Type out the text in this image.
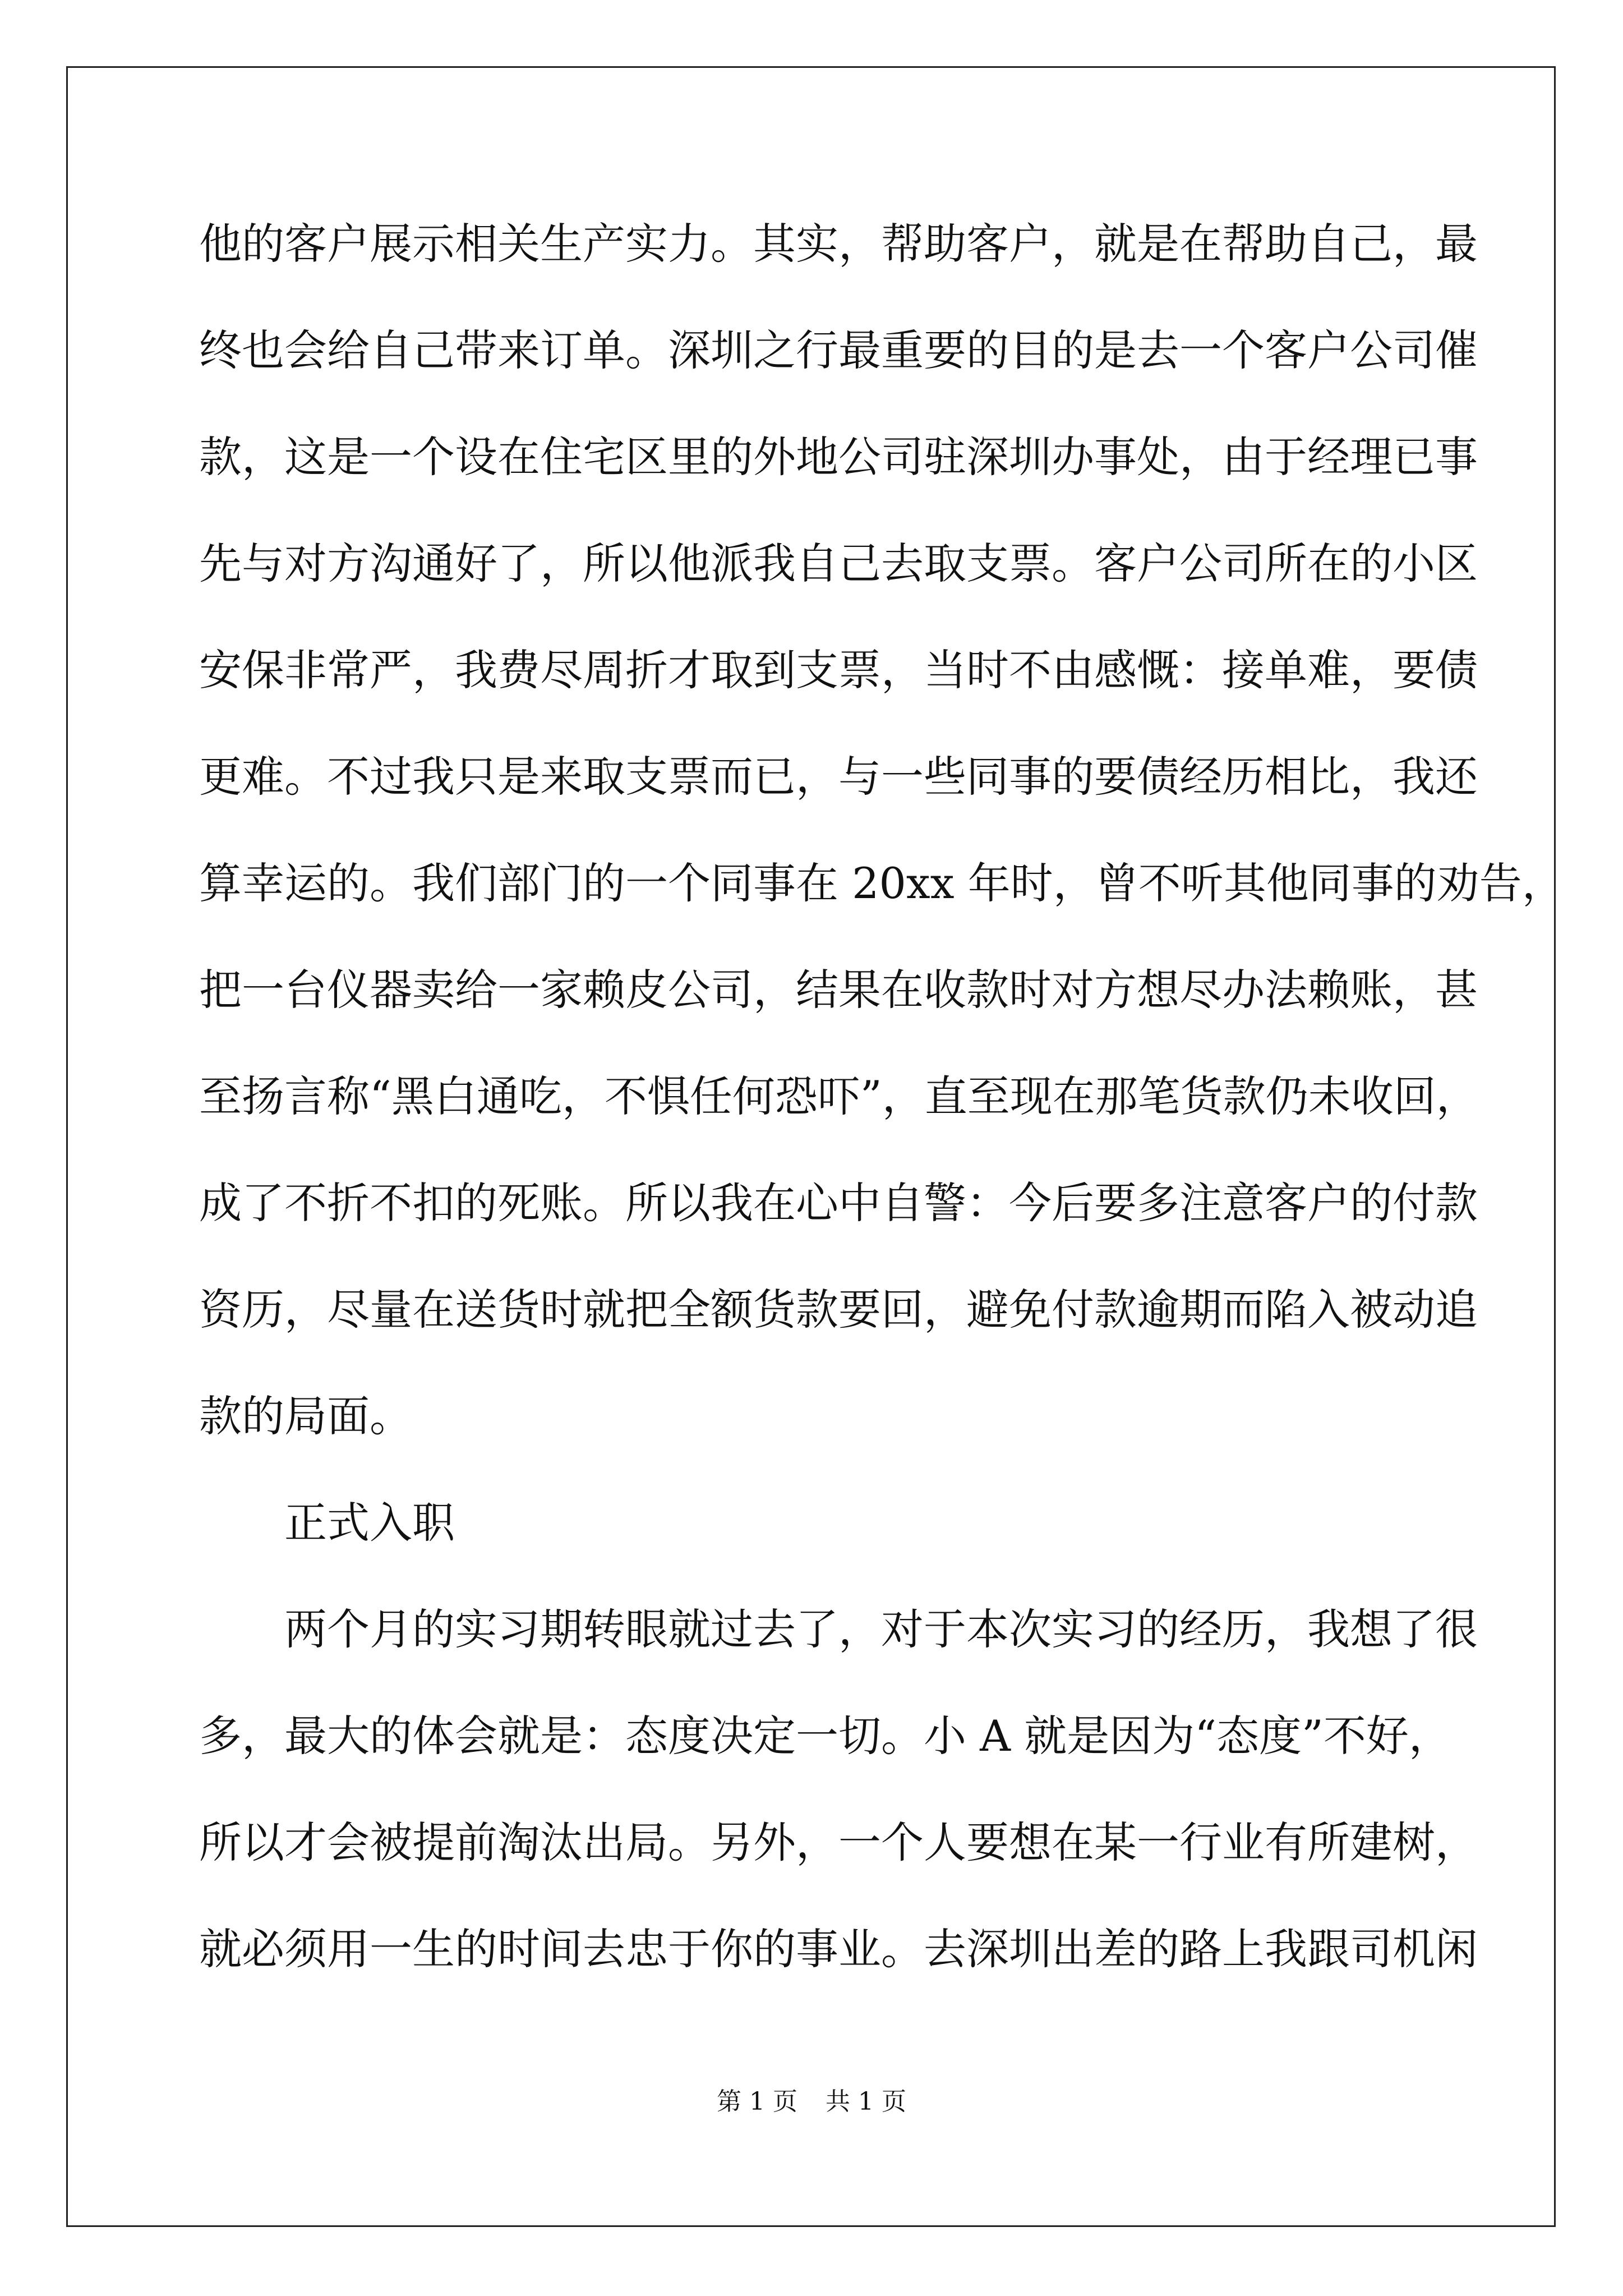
他的客户展示相关生产实力。其实，帮助客户，就是在帮助自己，最
终也会给自己带来订单。深圳之行最重要的目的是去一个客户公司催
款，这是一个设在住宅区里的外地公司驻深圳办事处，由于经理已事
先与对方沟通好了，所以他派我自己去取支票。客户公司所在的小区
安保非常严，我费尽周折才取到支票，当时不由感慨：接单难，要债
更难。不过我只是来取支票而已，与一些同事的要债经历相比，我还
算幸运的。我们部门的一个同事在 20xx 年时，曾不听其他同事的劝告，
把一台仪器卖给一家赖皮公司，结果在收款时对方想尽办法赖账，甚
至扬言称“黑白通吃，不惧任何恐吓”，直至现在那笔货款仍未收回，
成了不折不扣的死账。所以我在心中自警：今后要多注意客户的付款
资历，尽量在送货时就把全额货款要回，避免付款逾期而陷入被动追
款的局面。
正式入职
两个月的实习期转眼就过去了，对于本次实习的经历，我想了很
多，最大的体会就是：态度决定一切。小 A 就是因为“态度”不好，
所以才会被提前淘汰出局。另外，一个人要想在某一行业有所建树，
就必须用一生的时间去忠于你的事业。去深圳出差的路上我跟司机闲
第 1 页 共 1 页
